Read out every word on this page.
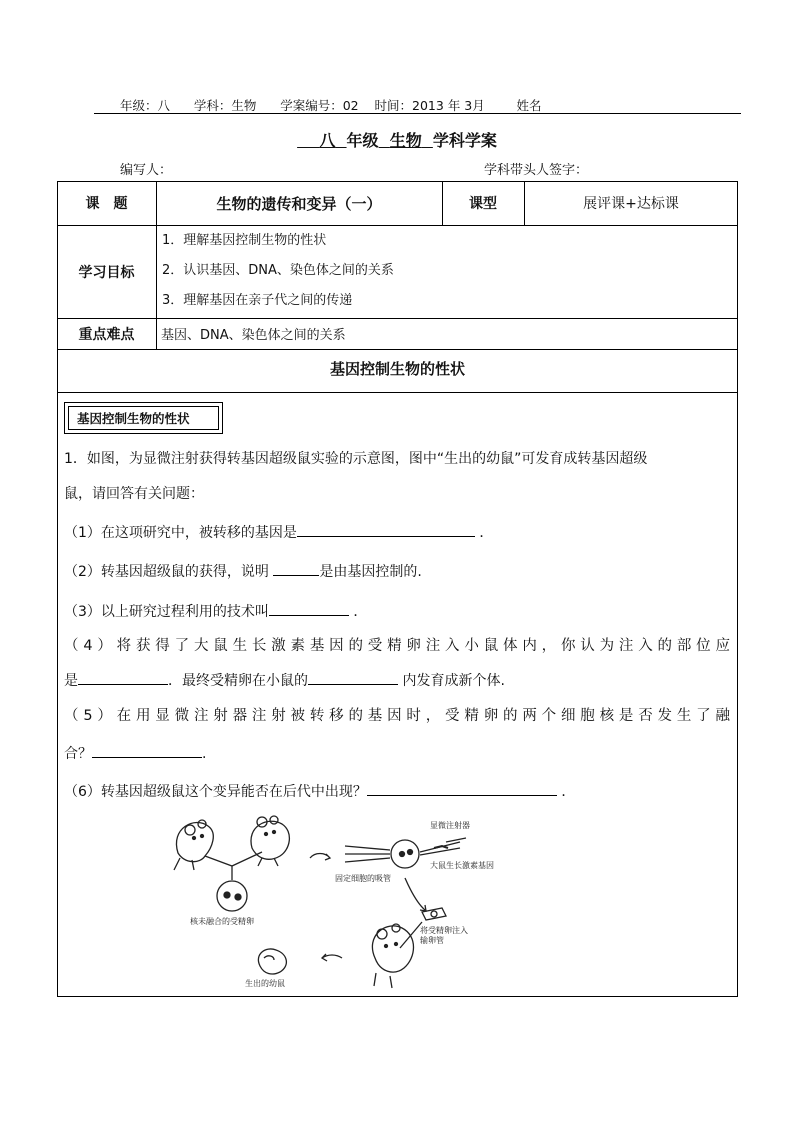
年级：八 学科：生物 学案编号：02 时间：2013 年 3月	姓名
八 年级 生物 学科学案
编写人：	学科带头人签字：
课　题	生物的遗传和变异（一）	课型	展评课+达标课
学习目标
1．理解基因控制生物的性状
2．认识基因、DNA、染色体之间的关系
3．理解基因在亲子代之间的传递
重点难点	基因、DNA、染色体之间的关系
基因控制生物的性状
基因控制生物的性状
1．如图，为显微注射获得转基因超级鼠实验的示意图，图中“生出的幼鼠”可发育成转基因超级
鼠，请回答有关问题：
（1）在这项研究中，被转移的基因是	．
（2）转基因超级鼠的获得，说明	是由基因控制的.
（3）以上研究过程利用的技术叫	．
（4）将获得了大鼠生长激素基因的受精卵注入小鼠体内，你认为注入的部位应
是	．最终受精卵在小鼠的	内发育成新个体.
（5）在用显微注射器注射被转移的基因时，受精卵的两个细胞核是否发生了融
合？	.
（6）转基因超级鼠这个变异能否在后代中出现？	．
显微注射器
大鼠生长激素基因
固定细胞的吸管
核未融合的受精卵
将受精卵注入
输卵管
生出的幼鼠
